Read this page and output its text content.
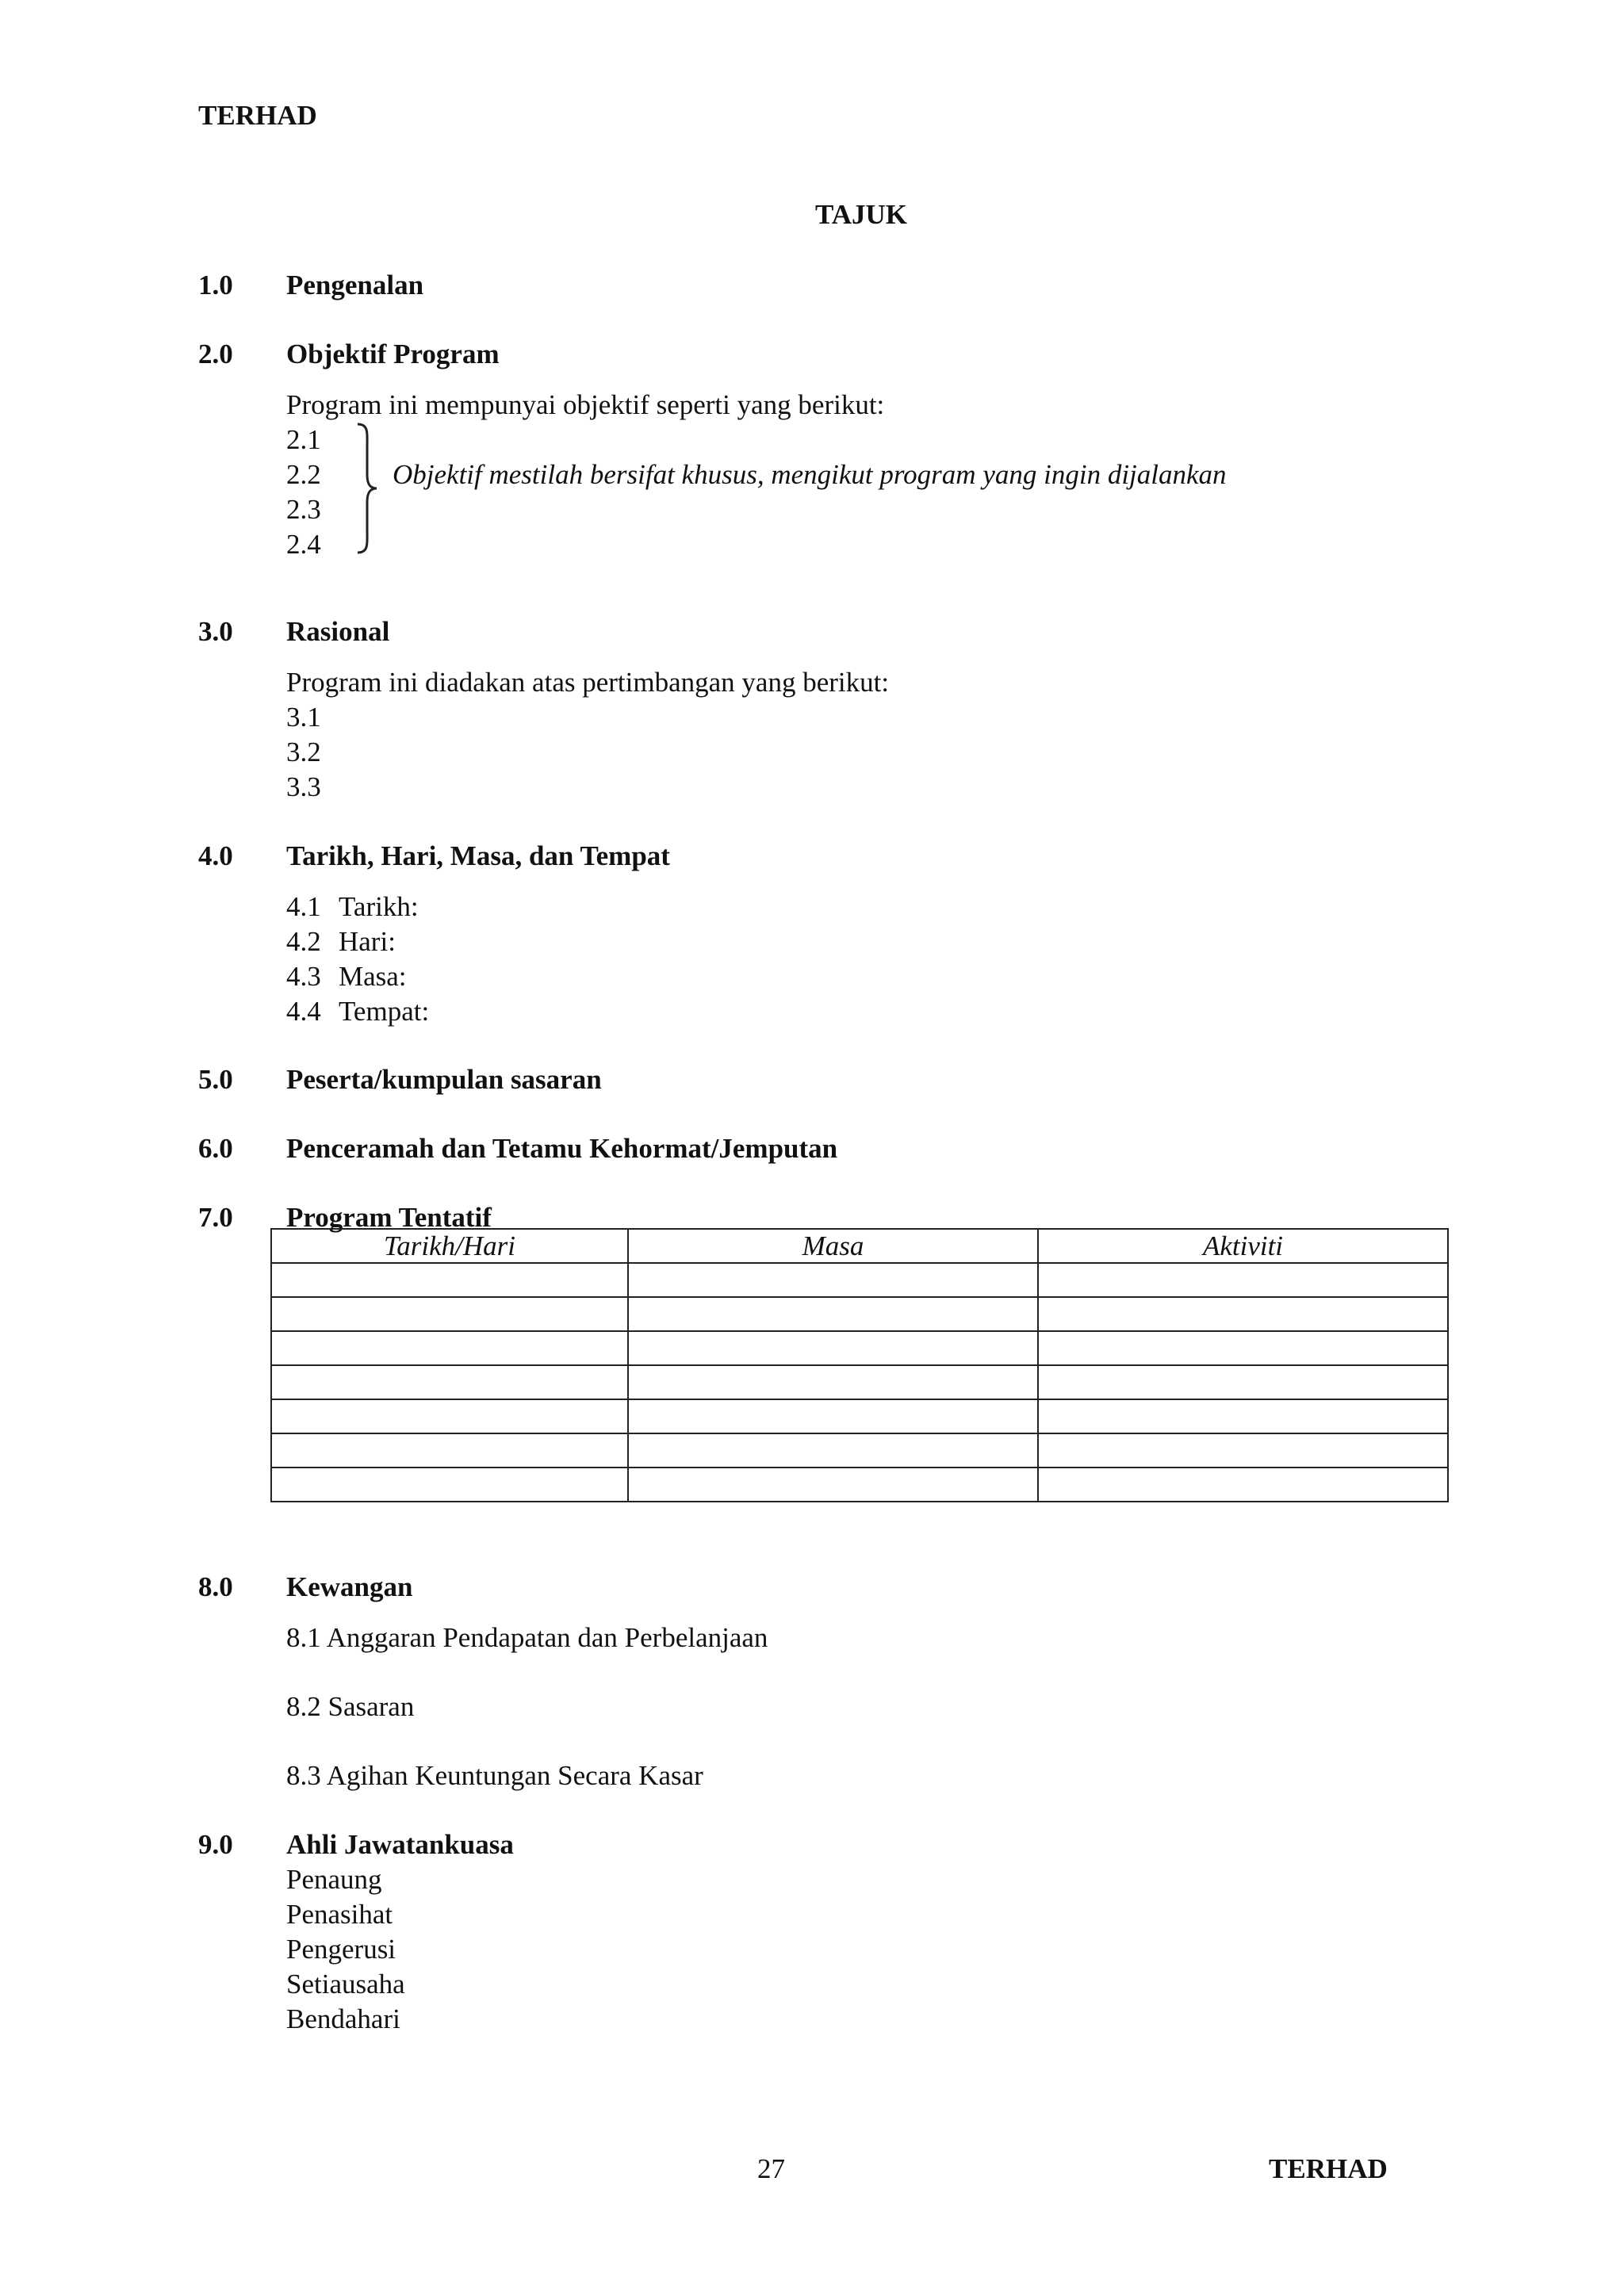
TERHAD
TAJUK
1.0 Pengenalan
2.0 Objektif Program
Program ini mempunyai objektif seperti yang berikut:
2.1
2.2
2.3
2.4
Objektif mestilah bersifat khusus, mengikut program yang ingin dijalankan
3.0 Rasional
Program ini diadakan atas pertimbangan yang berikut:
3.1
3.2
3.3
4.0 Tarikh, Hari, Masa, dan Tempat
4.1 Tarikh:
4.2 Hari:
4.3 Masa:
4.4 Tempat:
5.0 Peserta/kumpulan sasaran
6.0 Penceramah dan Tetamu Kehormat/Jemputan
7.0 Program Tentatif
Tarikh/Hari	Masa	Aktiviti

8.0 Kewangan
8.1 Anggaran Pendapatan dan Perbelanjaan
8.2 Sasaran
8.3 Agihan Keuntungan Secara Kasar
9.0 Ahli Jawatankuasa
Penaung
Penasihat
Pengerusi
Setiausaha
Bendahari
27	TERHAD
